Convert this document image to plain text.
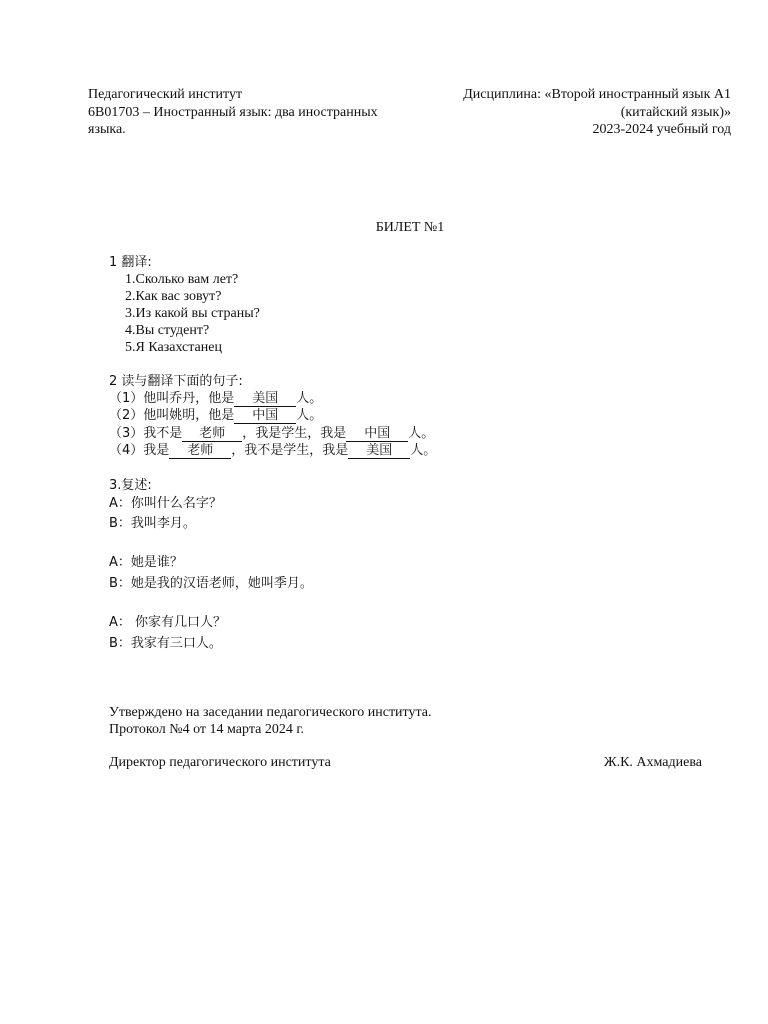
Педагогический институт
6В01703 – Иностранный язык: два иностранных
языка.
Дисциплина: «Второй иностранный язык А1
(китайский язык)»
2023-2024 учебный год
БИЛЕТ №1
1 翻译:
1.Сколько вам лет?
2.Как вас зовут?
3.Из какой вы страны?
4.Вы студент?
5.Я Казахстанец
2 读与翻译下面的句子:
（1）他叫乔丹，他是 美国 人。
（2）他叫姚明，他是 中国 人。
（3）我不是 老师 ，我是学生，我是 中国 人。
（4）我是 老师 ，我不是学生，我是 美国 人。
3.复述:
A：你叫什么名字？
B：我叫李月。
A：她是谁？
B：她是我的汉语老师，她叫季月。
A： 你家有几口人？
B：我家有三口人。
Утверждено на заседании педагогического института.
Протокол №4 от 14 марта 2024 г.
Директор педагогического института	Ж.К. Ахмадиева
